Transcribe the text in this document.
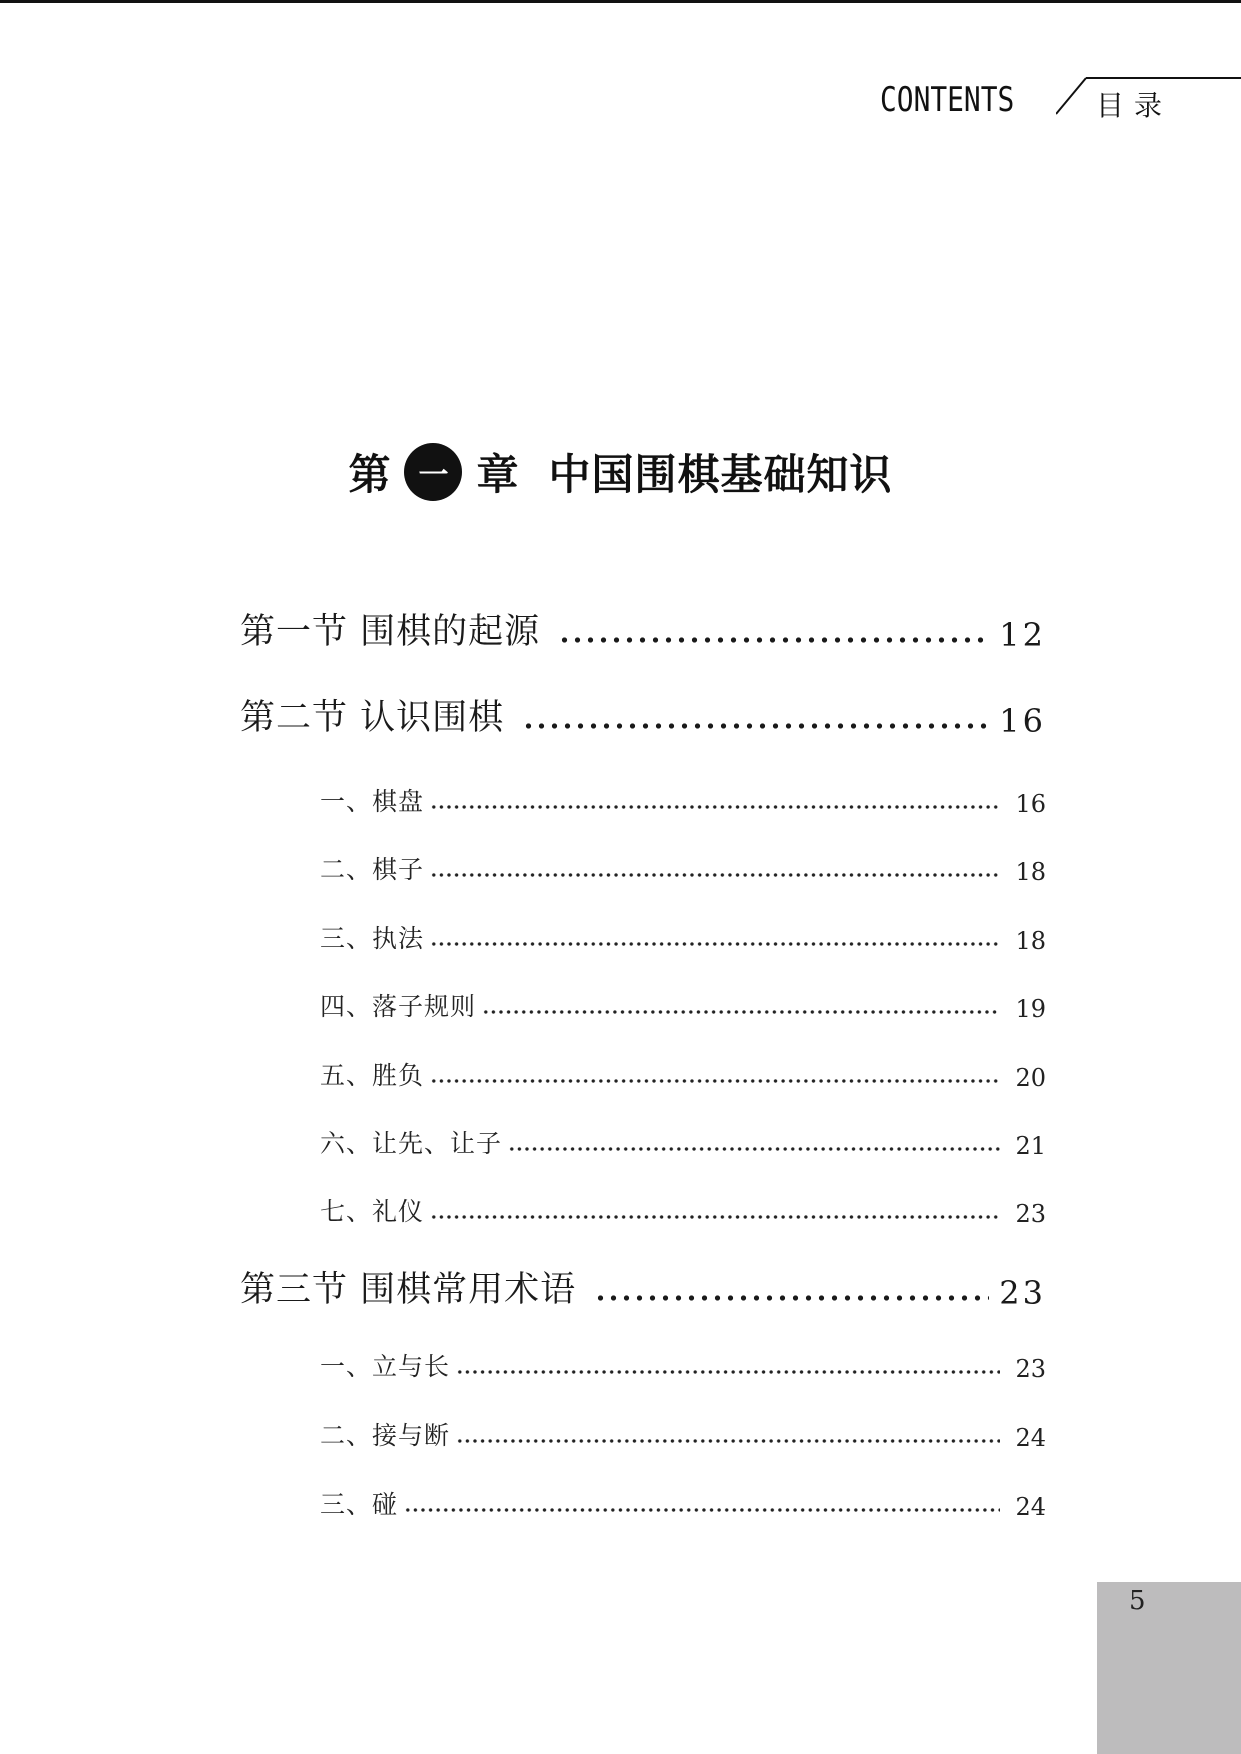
CONTENTS	目录
第 一 章 中国围棋基础知识
第一节 围棋的起源	12
第二节 认识围棋	16
一、棋盘	16
二、棋子	18
三、执法	18
四、落子规则	19
五、胜负	20
六、让先、让子	21
七、礼仪	23
第三节 围棋常用术语	23
一、立与长	23
二、接与断	24
三、碰	24
5
